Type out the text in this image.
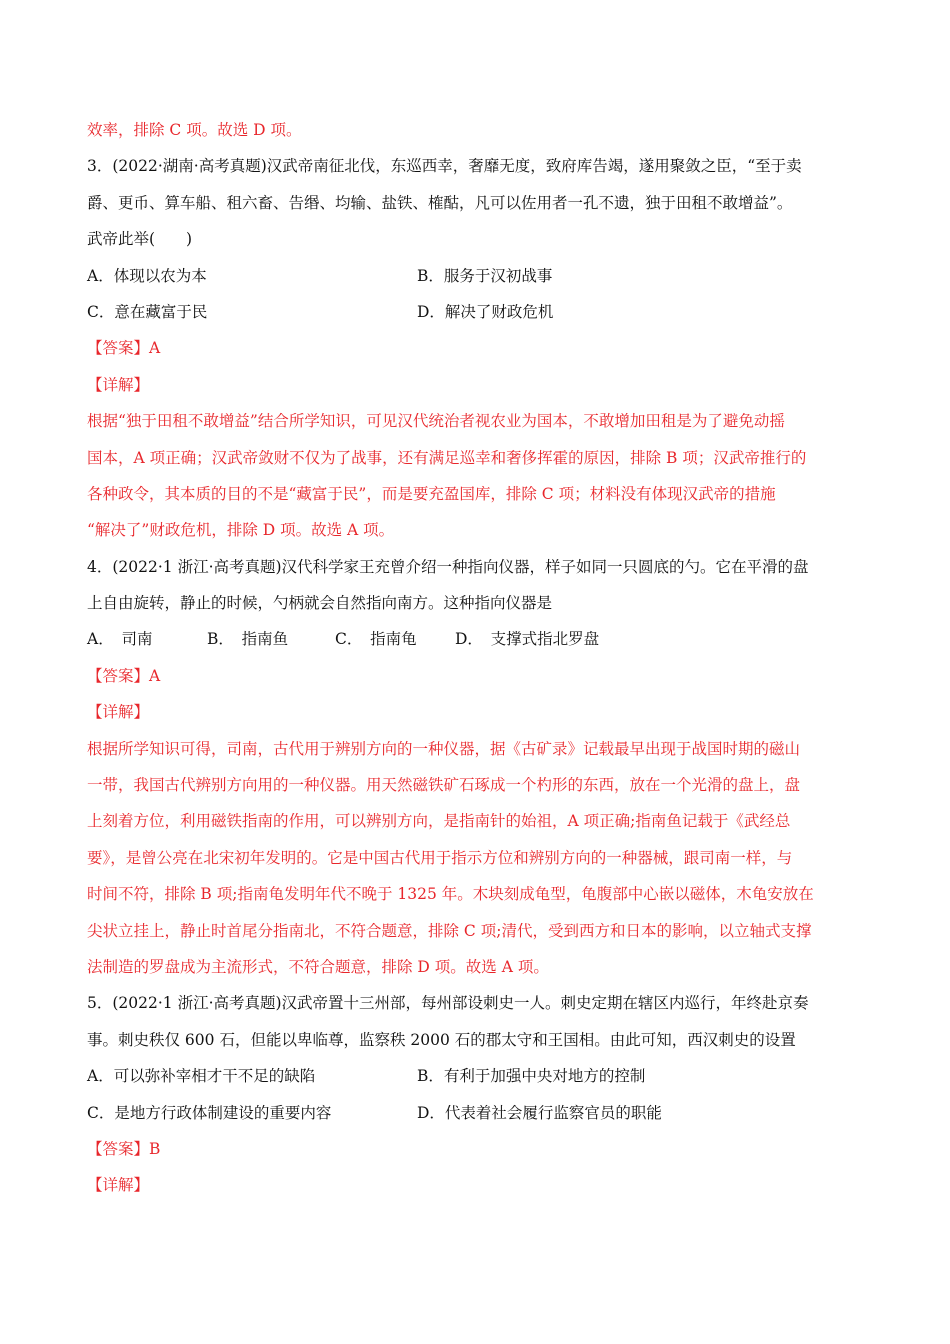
效率，排除 C 项。故选 D 项。
3．(2022·湖南·高考真题)汉武帝南征北伐，东巡西幸，奢靡无度，致府库告竭，遂用聚敛之臣，“至于卖
爵、更币、算车船、租六畜、告缗、均输、盐铁、榷酤，凡可以佐用者一孔不遗，独于田租不敢增益”。
武帝此举(　　)
A．体现以农为本	B．服务于汉初战事
C．意在藏富于民	D．解决了财政危机
【答案】A
【详解】
根据“独于田租不敢增益”结合所学知识，可见汉代统治者视农业为国本，不敢增加田租是为了避免动摇
国本，A 项正确；汉武帝敛财不仅为了战事，还有满足巡幸和奢侈挥霍的原因，排除 B 项；汉武帝推行的
各种政令，其本质的目的不是“藏富于民”，而是要充盈国库，排除 C 项；材料没有体现汉武帝的措施
“解决了”财政危机，排除 D 项。故选 A 项。
4．(2022·1 浙江·高考真题)汉代科学家王充曾介绍一种指向仪器，样子如同一只圆底的勺。它在平滑的盘
上自由旋转，静止的时候，勺柄就会自然指向南方。这种指向仪器是
A．　司南	B．　指南鱼	C．　指南龟	D．　支撑式指北罗盘
【答案】A
【详解】
根据所学知识可得，司南，古代用于辨别方向的一种仪器，据《古矿录》记载最早出现于战国时期的磁山
一带，我国古代辨别方向用的一种仪器。用天然磁铁矿石琢成一个杓形的东西，放在一个光滑的盘上，盘
上刻着方位，利用磁铁指南的作用，可以辨别方向，是指南针的始祖，A 项正确;指南鱼记载于《武经总
要》，是曾公亮在北宋初年发明的。它是中国古代用于指示方位和辨别方向的一种器械，跟司南一样，与
时间不符，排除 B 项;指南龟发明年代不晚于 1325 年。木块刻成龟型，龟腹部中心嵌以磁体，木龟安放在
尖状立挂上，静止时首尾分指南北，不符合题意，排除 C 项;清代，受到西方和日本的影响，以立轴式支撑
法制造的罗盘成为主流形式，不符合题意，排除 D 项。故选 A 项。
5．(2022·1 浙江·高考真题)汉武帝置十三州部，每州部设刺史一人。刺史定期在辖区内巡行，年终赴京奏
事。刺史秩仅 600 石，但能以卑临尊，监察秩 2000 石的郡太守和王国相。由此可知，西汉刺史的设置
A．可以弥补宰相才干不足的缺陷	B．有利于加强中央对地方的控制
C．是地方行政体制建设的重要内容	D．代表着社会履行监察官员的职能
【答案】B
【详解】
